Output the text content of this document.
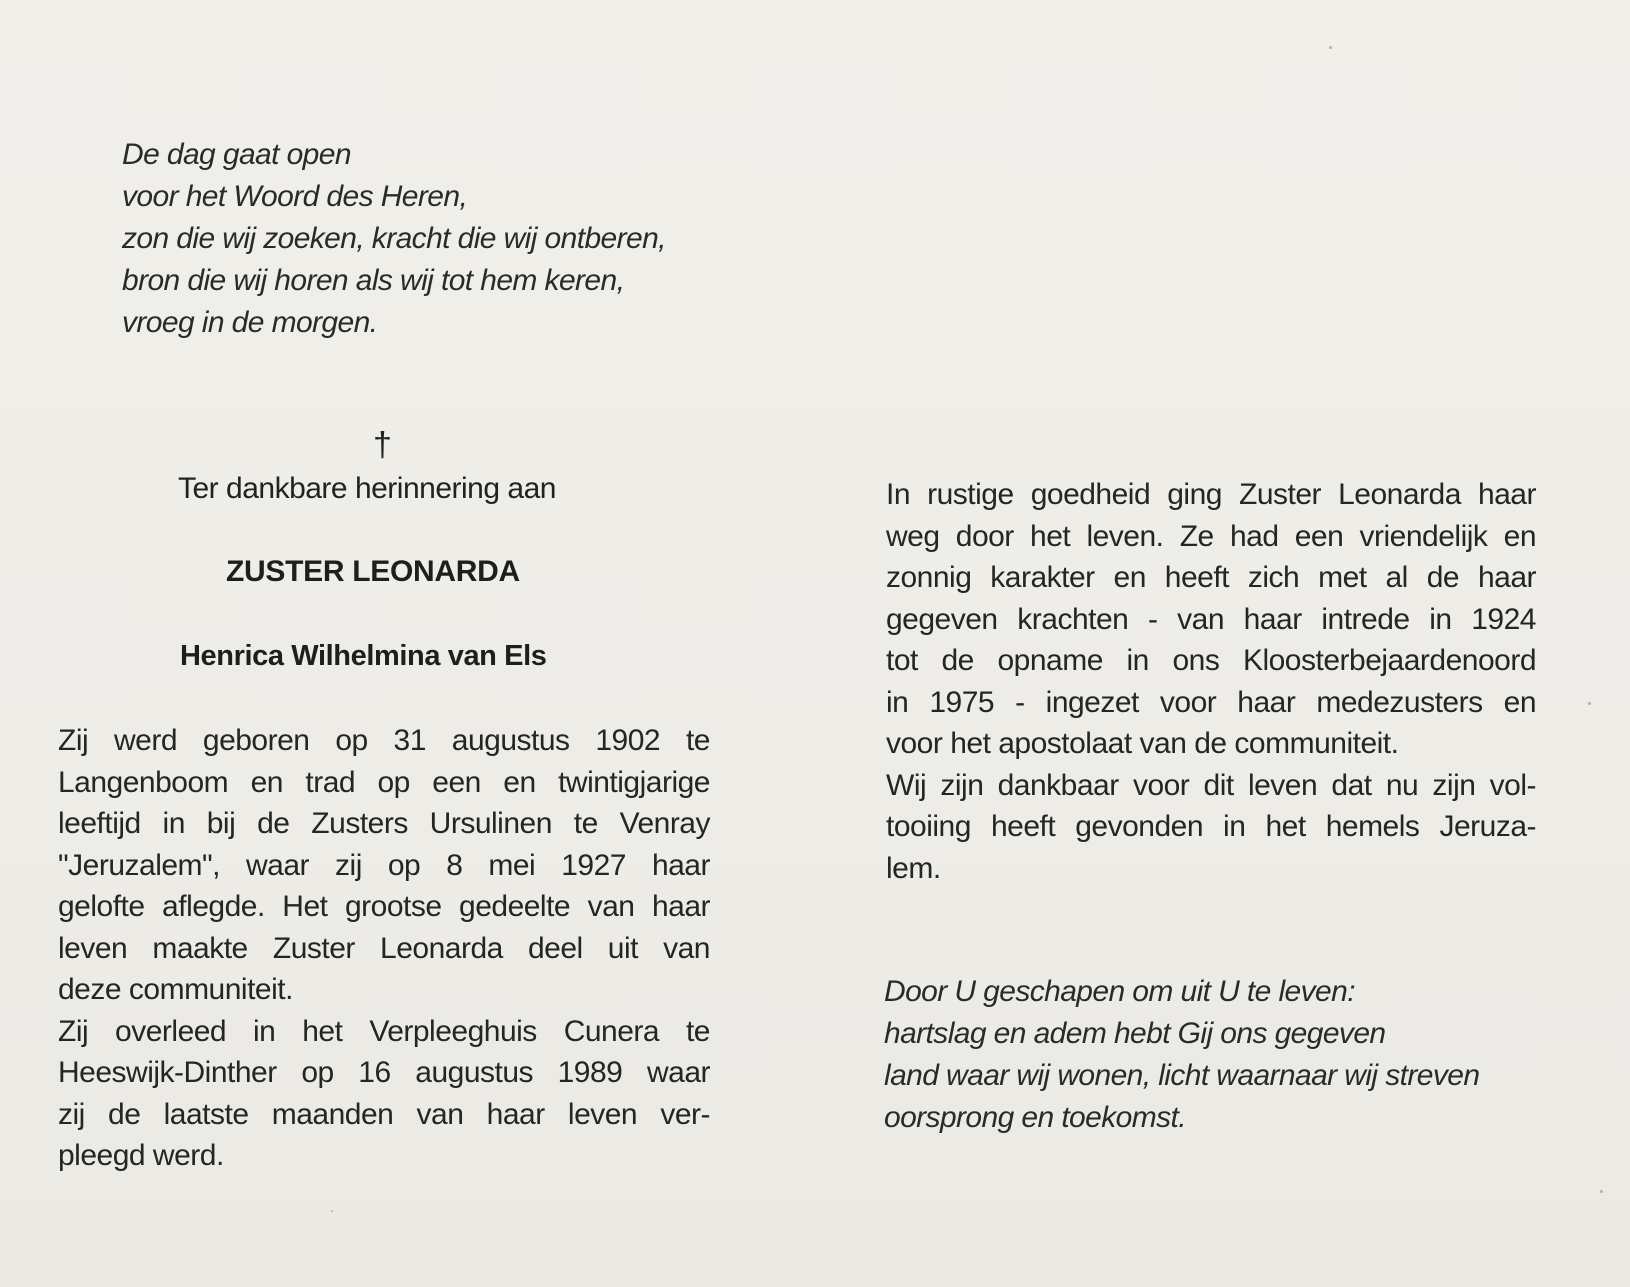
De dag gaat open
voor het Woord des Heren,
zon die wij zoeken, kracht die wij ontberen,
bron die wij horen als wij tot hem keren,
vroeg in de morgen.
†
Ter dankbare herinnering aan
ZUSTER LEONARDA
Henrica Wilhelmina van Els
Zij werd geboren op 31 augustus 1902 te
Langenboom en trad op een en twintigjarige
leeftijd in bij de Zusters Ursulinen te Venray
"Jeruzalem", waar zij op 8 mei 1927 haar
gelofte aflegde. Het grootse gedeelte van haar
leven maakte Zuster Leonarda deel uit van
deze communiteit.
Zij overleed in het Verpleeghuis Cunera te
Heeswijk-Dinther op 16 augustus 1989 waar
zij de laatste maanden van haar leven ver-
pleegd werd.
In rustige goedheid ging Zuster Leonarda haar
weg door het leven. Ze had een vriendelijk en
zonnig karakter en heeft zich met al de haar
gegeven krachten - van haar intrede in 1924
tot de opname in ons Kloosterbejaardenoord
in 1975 - ingezet voor haar medezusters en
voor het apostolaat van de communiteit.
Wij zijn dankbaar voor dit leven dat nu zijn vol-
tooiing heeft gevonden in het hemels Jeruza-
lem.
Door U geschapen om uit U te leven:
hartslag en adem hebt Gij ons gegeven
land waar wij wonen, licht waarnaar wij streven
oorsprong en toekomst.
